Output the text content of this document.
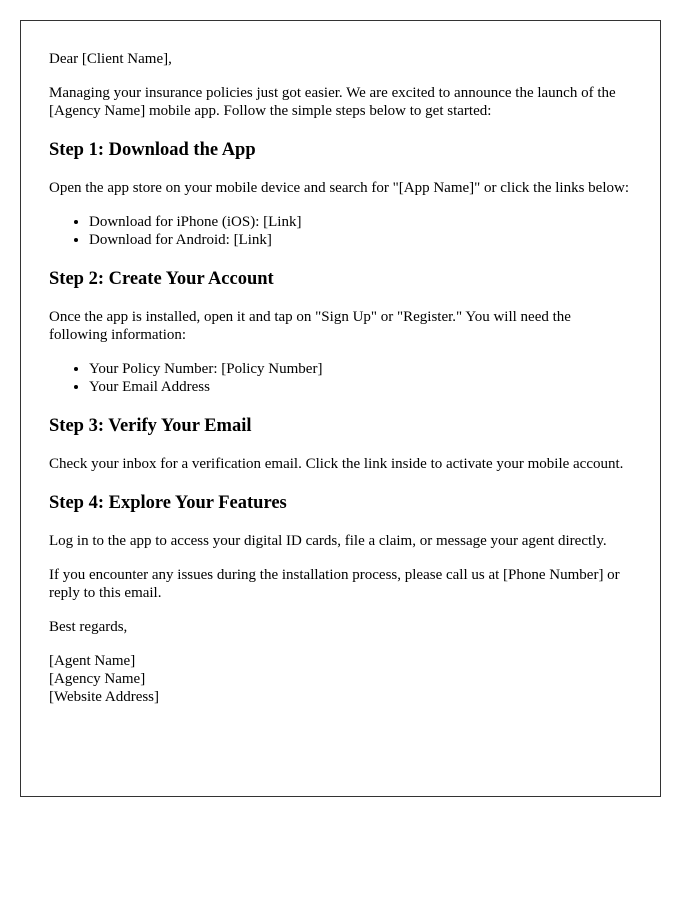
Dear [Client Name],

Managing your insurance policies just got easier. We are excited to announce the launch of the [Agency Name] mobile app. Follow the simple steps below to get started:

Step 1: Download the App

Open the app store on your mobile device and search for "[App Name]" or click the links below:

• Download for iPhone (iOS): [Link]
• Download for Android: [Link]
Step 2: Create Your Account

Once the app is installed, open it and tap on "Sign Up" or "Register." You will need the following information:

• Your Policy Number: [Policy Number]
• Your Email Address
Step 3: Verify Your Email

Check your inbox for a verification email. Click the link inside to activate your mobile account.

Step 4: Explore Your Features

Log in to the app to access your digital ID cards, file a claim, or message your agent directly.

If you encounter any issues during the installation process, please call us at [Phone Number] or reply to this email.

Best regards,

[Agent Name]
[Agency Name]
[Website Address]
